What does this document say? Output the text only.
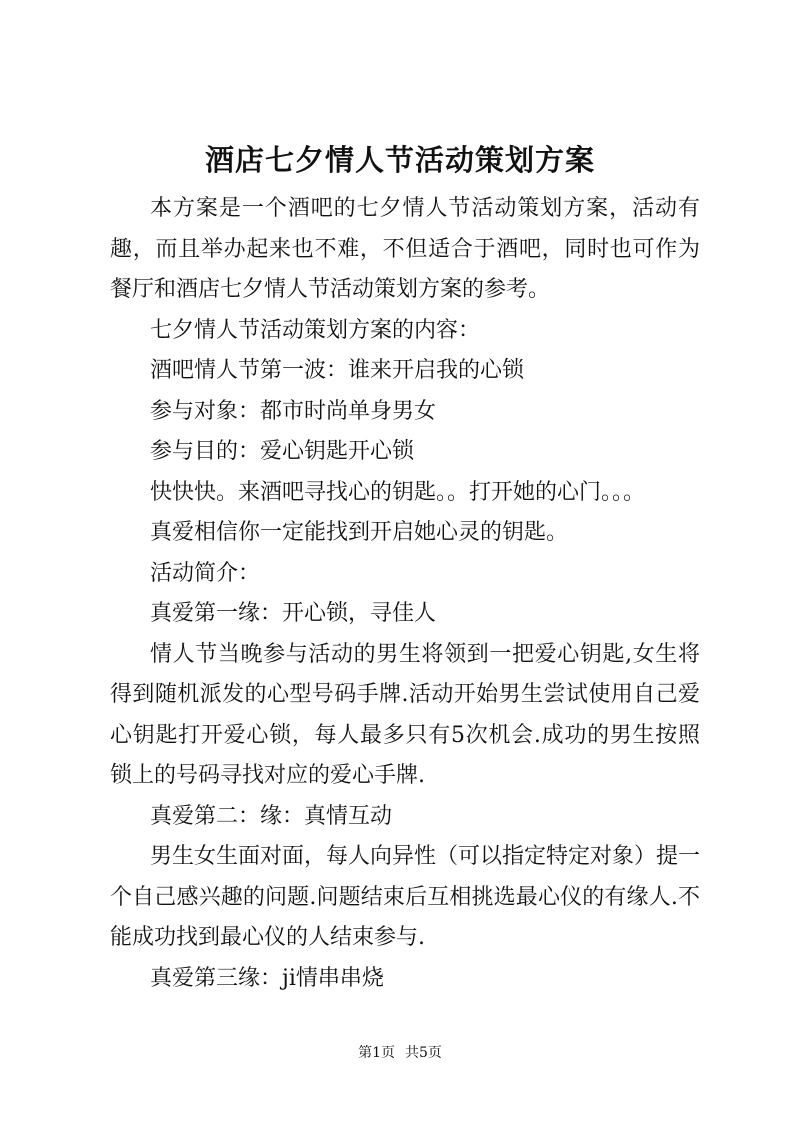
酒店七夕情人节活动策划方案

本方案是一个酒吧的七夕情人节活动策划方案，活动有趣，而且举办起来也不难，不但适合于酒吧，同时也可作为餐厅和酒店七夕情人节活动策划方案的参考。

七夕情人节活动策划方案的内容：

酒吧情人节第一波：谁来开启我的心锁

参与对象：都市时尚单身男女

参与目的：爱心钥匙开心锁

快快快。来酒吧寻找心的钥匙。。打开她的心门。。。

真爱相信你一定能找到开启她心灵的钥匙。

活动简介：

真爱第一缘：开心锁，寻佳人

情人节当晚参与活动的男生将领到一把爱心钥匙,女生将得到随机派发的心型号码手牌.活动开始男生尝试使用自己爱心钥匙打开爱心锁，每人最多只有5次机会.成功的男生按照锁上的号码寻找对应的爱心手牌.

真爱第二：缘：真情互动

男生女生面对面，每人向异性（可以指定特定对象）提一个自己感兴趣的问题.问题结束后互相挑选最心仪的有缘人.不能成功找到最心仪的人结束参与.

真爱第三缘：ji情串串烧

第1页 共5页
